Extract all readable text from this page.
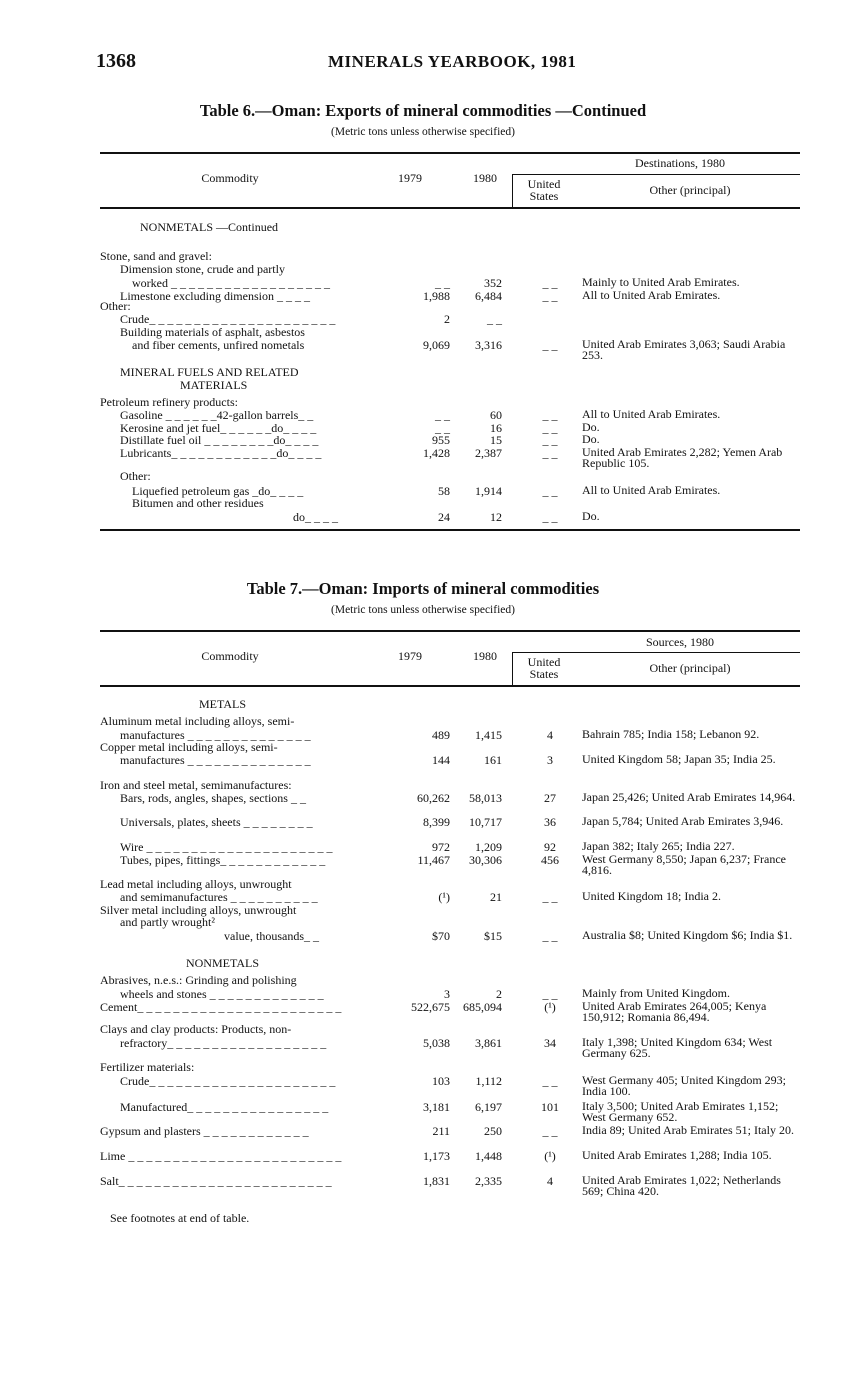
1368	MINERALS YEARBOOK, 1981
Table 6.—Oman: Exports of mineral commodities —Continued
(Metric tons unless otherwise specified)
Destinations, 1980
Commodity	1979	1980	United
States	Other (principal)
NONMETALS —Continued
Stone, sand and gravel:
Dimension stone, crude and partly
worked _ _ _ _ _ _ _ _ _ _ _ _ _ _ _ _ _ _	_ _	352	_ _	Mainly to United Arab Emirates.
Limestone excluding dimension _ _ _ _	1,988 6,484	_ _	All to United Arab Emirates.
Other:
Crude_ _ _ _ _ _ _ _ _ _ _ _ _ _ _ _ _ _ _ _ _	2	_ _
Building materials of asphalt, asbestos
and fiber cements, unfired nometals	9,069 3,316	_ _	United Arab Emirates 3,063; Saudi Arabia 253.
MINERAL FUELS AND RELATED
MATERIALS
Petroleum refinery products:
Gasoline _ _ _ _ _ _42-gallon barrels_ _	_ _	60	_ _	All to United Arab Emirates.
Kerosine and jet fuel_ _ _ _ _ _do_ _ _ _	_ _	16	_ _	Do.
Distillate fuel oil _ _ _ _ _ _ _ _do_ _ _ _	955	15	_ _	Do.
Lubricants_ _ _ _ _ _ _ _ _ _ _ _do_ _ _ _	1,428 2,387	_ _	United Arab Emirates 2,282; Yemen Arab Republic 105.
Other:
Liquefied petroleum gas _do_ _ _ _	58 1,914	_ _	All to United Arab Emirates.
Bitumen and other residues
do_ _ _ _	24	12	_ _	Do.
Table 7.—Oman: Imports of mineral commodities
(Metric tons unless otherwise specified)
Sources, 1980
Commodity	1979	1980	United
States	Other (principal)
METALS
Aluminum metal including alloys, semi-
manufactures _ _ _ _ _ _ _ _ _ _ _ _ _ _	489 1,415	4	Bahrain 785; India 158; Lebanon 92.
Copper metal including alloys, semi-
manufactures _ _ _ _ _ _ _ _ _ _ _ _ _ _	144	161	3	United Kingdom 58; Japan 35; India 25.
Iron and steel metal, semimanufactures:
Bars, rods, angles, shapes, sections _ _	60,262 58,013	27	Japan 25,426; United Arab Emirates 14,964.
Universals, plates, sheets _ _ _ _ _ _ _ _	8,399 10,717	36	Japan 5,784; United Arab Emirates 3,946.
Wire _ _ _ _ _ _ _ _ _ _ _ _ _ _ _ _ _ _ _ _ _	972 1,209	92	Japan 382; Italy 265; India 227.
Tubes, pipes, fittings_ _ _ _ _ _ _ _ _ _ _ _	11,467 30,306	456	West Germany 8,550; Japan 6,237; France 4,816.
Lead metal including alloys, unwrought
and semimanufactures _ _ _ _ _ _ _ _ _ _	(¹)	21	_ _	United Kingdom 18; India 2.
Silver metal including alloys, unwrought
and partly wrought²
value, thousands_ _	$70	$15	_ _	Australia $8; United Kingdom $6; India $1.
NONMETALS
Abrasives, n.e.s.: Grinding and polishing
wheels and stones _ _ _ _ _ _ _ _ _ _ _ _ _	3	2	_ _	Mainly from United Kingdom.
Cement_ _ _ _ _ _ _ _ _ _ _ _ _ _ _ _ _ _ _ _ _ _ _	522,675 685,094	(¹)	United Arab Emirates 264,005; Kenya 150,912; Romania 86,494.
Clays and clay products: Products, non-
refractory_ _ _ _ _ _ _ _ _ _ _ _ _ _ _ _ _ _	5,038 3,861	34	Italy 1,398; United Kingdom 634; West Germany 625.
Fertilizer materials:
Crude_ _ _ _ _ _ _ _ _ _ _ _ _ _ _ _ _ _ _ _ _	103 1,112	_ _	West Germany 405; United Kingdom 293; India 100.
Manufactured_ _ _ _ _ _ _ _ _ _ _ _ _ _ _ _	3,181 6,197	101	Italy 3,500; United Arab Emirates 1,152; West Germany 652.
Gypsum and plasters _ _ _ _ _ _ _ _ _ _ _ _	211	250	_ _	India 89; United Arab Emirates 51; Italy 20.
Lime _ _ _ _ _ _ _ _ _ _ _ _ _ _ _ _ _ _ _ _ _ _ _ _	1,173 1,448	(¹)	United Arab Emirates 1,288; India 105.
Salt_ _ _ _ _ _ _ _ _ _ _ _ _ _ _ _ _ _ _ _ _ _ _ _	1,831 2,335	4	United Arab Emirates 1,022; Netherlands 569; China 420.
See footnotes at end of table.
